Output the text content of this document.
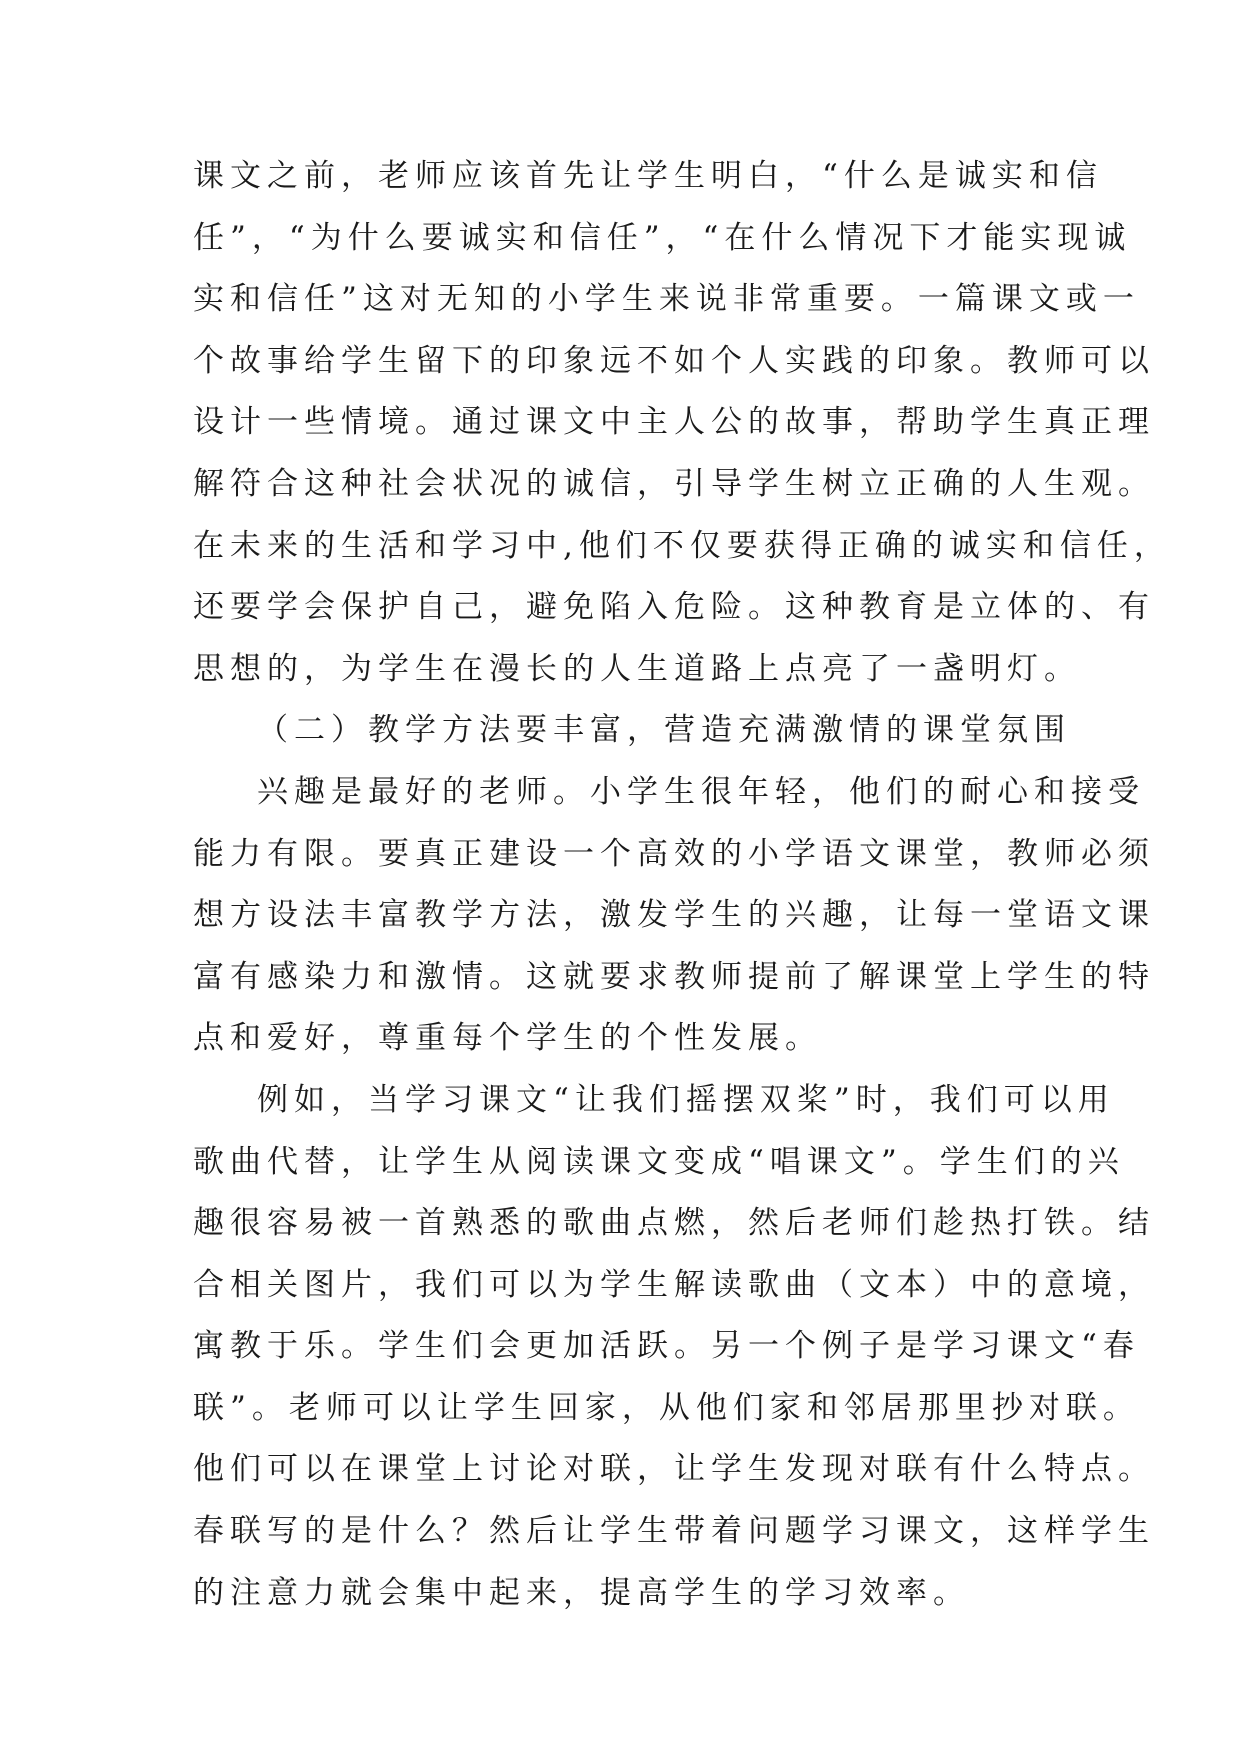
课文之前，老师应该首先让学生明白，“什么是诚实和信
任”，“为什么要诚实和信任”，“在什么情况下才能实现诚
实和信任”这对无知的小学生来说非常重要。一篇课文或一
个故事给学生留下的印象远不如个人实践的印象。教师可以
设计一些情境。通过课文中主人公的故事，帮助学生真正理
解符合这种社会状况的诚信，引导学生树立正确的人生观。
在未来的生活和学习中,他们不仅要获得正确的诚实和信任，
还要学会保护自己，避免陷入危险。这种教育是立体的、有
思想的，为学生在漫长的人生道路上点亮了一盏明灯。
（二）教学方法要丰富，营造充满激情的课堂氛围
兴趣是最好的老师。小学生很年轻，他们的耐心和接受
能力有限。要真正建设一个高效的小学语文课堂，教师必须
想方设法丰富教学方法，激发学生的兴趣，让每一堂语文课
富有感染力和激情。这就要求教师提前了解课堂上学生的特
点和爱好，尊重每个学生的个性发展。
例如，当学习课文“让我们摇摆双桨”时，我们可以用
歌曲代替，让学生从阅读课文变成“唱课文”。学生们的兴
趣很容易被一首熟悉的歌曲点燃，然后老师们趁热打铁。结
合相关图片，我们可以为学生解读歌曲（文本）中的意境，
寓教于乐。学生们会更加活跃。另一个例子是学习课文“春
联”。老师可以让学生回家，从他们家和邻居那里抄对联。
他们可以在课堂上讨论对联，让学生发现对联有什么特点。
春联写的是什么？然后让学生带着问题学习课文，这样学生
的注意力就会集中起来，提高学生的学习效率。
